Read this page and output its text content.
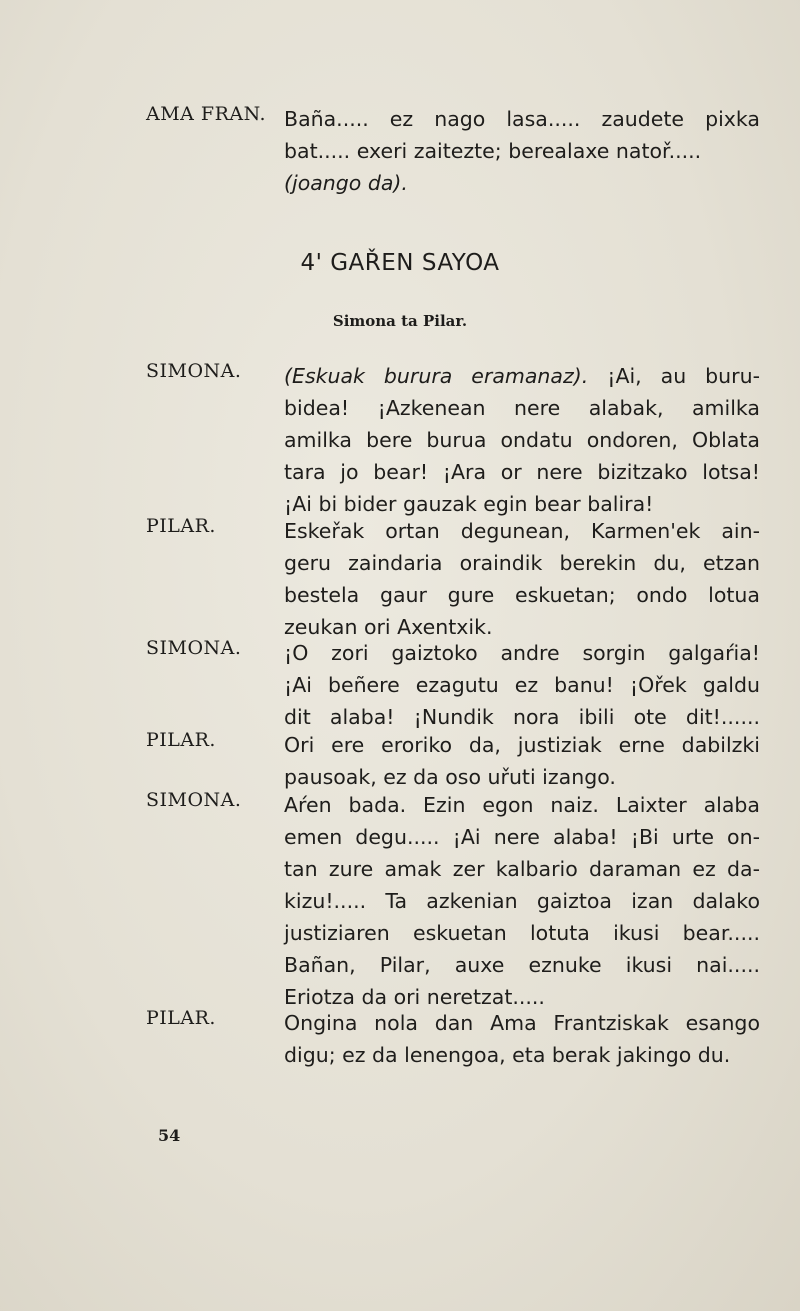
AMA FRAN. Baña..... ez nago lasa..... zaudete pixka
bat..... exeri zaitezte; berealaxe natoř.....
(joango da).
4' GAŘEN SAYOA
Simona ta Pilar.
SIMONA. (Eskuak burura eramanaz). ¡Ai, au buru-
bidea! ¡Azkenean nere alabak, amilka
amilka bere burua ondatu ondoren, Oblata
tara jo bear! ¡Ara or nere bizitzako lotsa!
¡Ai bi bider gauzak egin bear balira!
PILAR.	Eskeřak ortan degunean, Karmen'ek ain-
geru zaindaria oraindik berekin du, etzan
bestela gaur gure eskuetan; ondo lotua
zeukan ori Axentxik.
SIMONA. ¡O zori gaiztoko andre sorgin galgaŕia!
¡Ai beñere ezagutu ez banu! ¡Ořek galdu
dit alaba! ¡Nundik nora ibili ote dit!......
PILAR.	Ori ere eroriko da, justiziak erne dabilzki
pausoak, ez da oso uřuti izango.
SIMONA. Aŕen bada. Ezin egon naiz. Laixter alaba
emen degu..... ¡Ai nere alaba! ¡Bi urte on-
tan zure amak zer kalbario daraman ez da-
kizu!..... Ta azkenian gaiztoa izan dalako
justiziaren eskuetan lotuta ikusi bear.....
Bañan, Pilar, auxe eznuke ikusi nai.....
Eriotza da ori neretzat.....
PILAR.	Ongina nola dan Ama Frantziskak esango
digu; ez da lenengoa, eta berak jakingo du.
54
